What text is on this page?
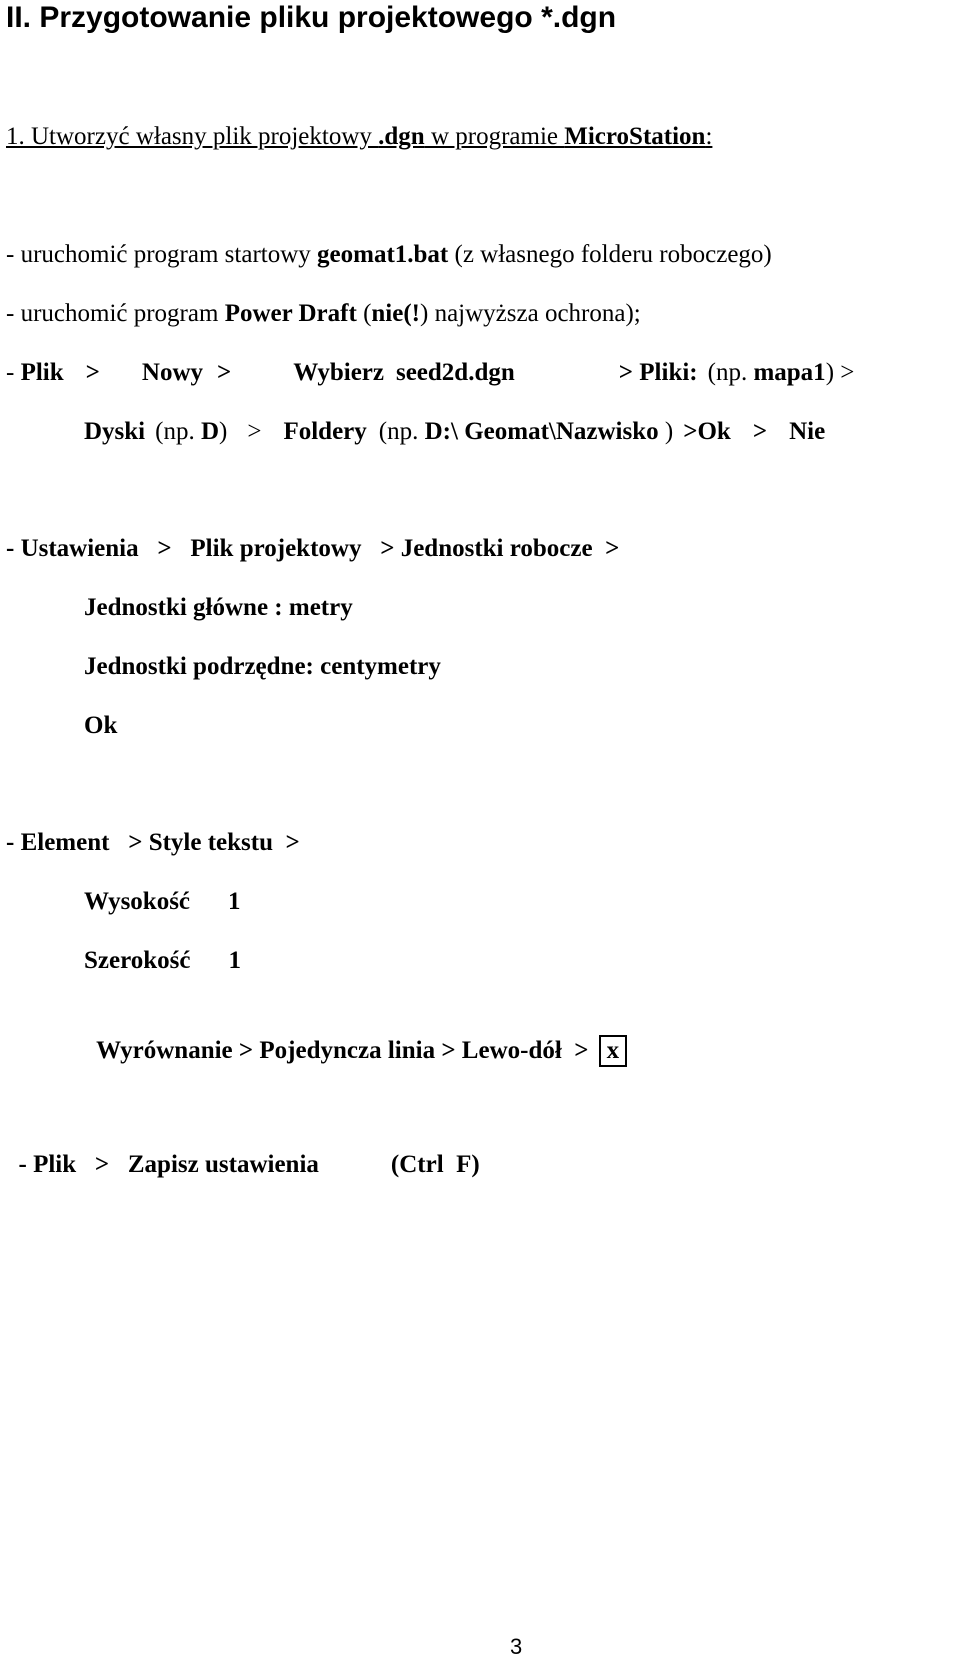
II. Przygotowanie pliku projektowego *.dgn
1. Utworzyć własny plik projektowy .dgn w programie MicroStation:
- uruchomić program startowy geomat1.bat (z własnego folderu roboczego)
- uruchomić program Power Draft (nie(!) najwyższa ochrona);
- Plik > Nowy > Wybierz seed2d.dgn	> Pliki: (np. mapa1) >
Dyski (np. D) > Foldery (np. D:\ Geomat\Nazwisko ) >Ok > Nie
- Ustawienia   >   Plik projektowy   > Jednostki robocze  >
Jednostki główne : metry
Jednostki podrzędne: centymetry
Ok
- Element   > Style tekstu  >
Wysokość 1
Szerokość 1

Wyrównanie > Pojedyncza linia > Lewo-dół  > x

- Plik   >   Zapisz ustawienia	(Ctrl  F)

3
